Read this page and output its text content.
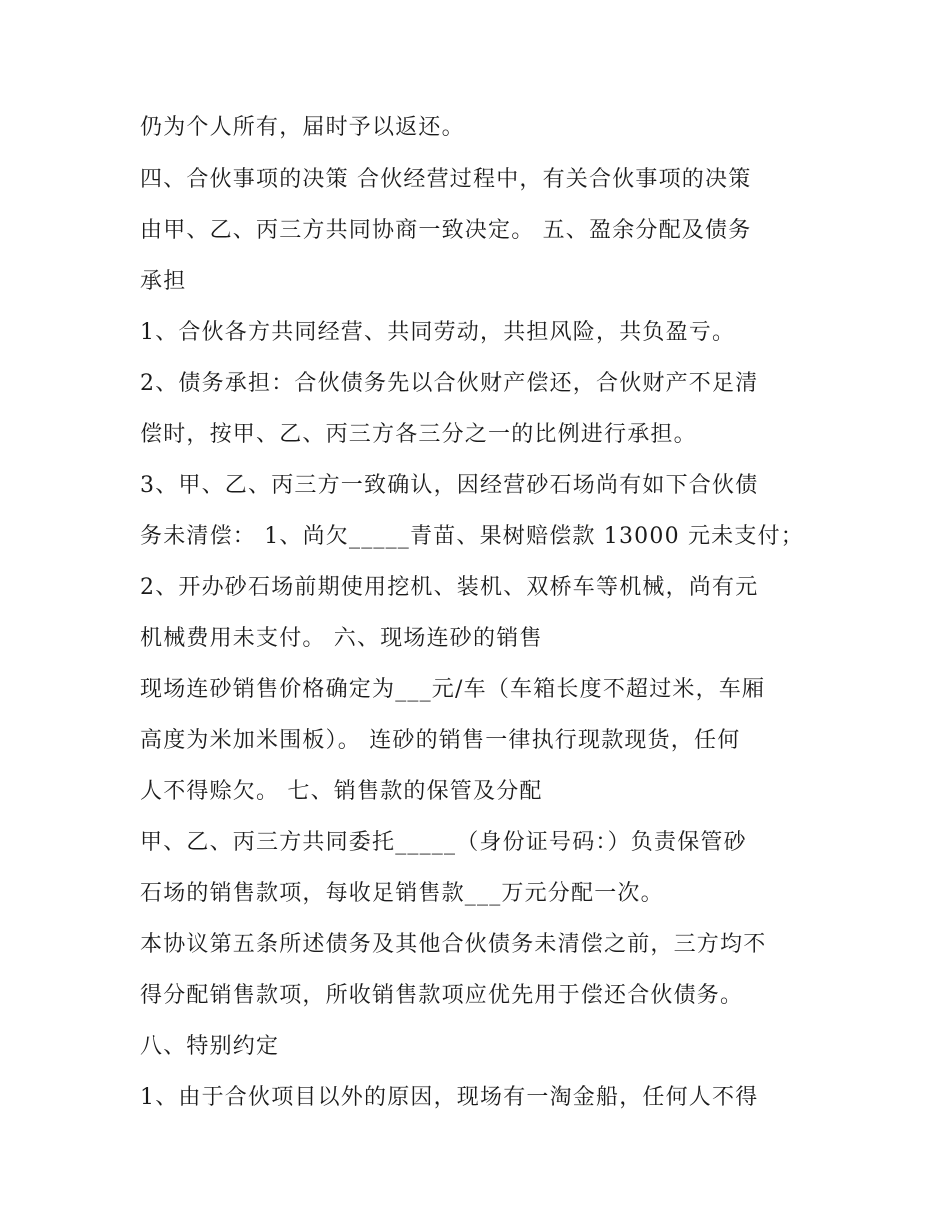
仍为个人所有，届时予以返还。

四、合伙事项的决策 合伙经营过程中，有关合伙事项的决策

由甲、乙、丙三方共同协商一致决定。 五、盈余分配及债务

承担

1、合伙各方共同经营、共同劳动，共担风险，共负盈亏。

2、债务承担：合伙债务先以合伙财产偿还，合伙财产不足清

偿时，按甲、乙、丙三方各三分之一的比例进行承担。

3、甲、乙、丙三方一致确认，因经营砂石场尚有如下合伙债

务未清偿： 1、尚欠_____青苗、果树赔偿款 13000 元未支付；

2、开办砂石场前期使用挖机、装机、双桥车等机械，尚有元

机械费用未支付。 六、现场连砂的销售

现场连砂销售价格确定为___元/车（车箱长度不超过米，车厢

高度为米加米围板）。 连砂的销售一律执行现款现货，任何

人不得赊欠。 七、销售款的保管及分配

甲、乙、丙三方共同委托_____（身份证号码：）负责保管砂

石场的销售款项，每收足销售款___万元分配一次。

本协议第五条所述债务及其他合伙债务未清偿之前，三方均不

得分配销售款项，所收销售款项应优先用于偿还合伙债务。

八、特别约定

1、由于合伙项目以外的原因，现场有一淘金船，任何人不得
